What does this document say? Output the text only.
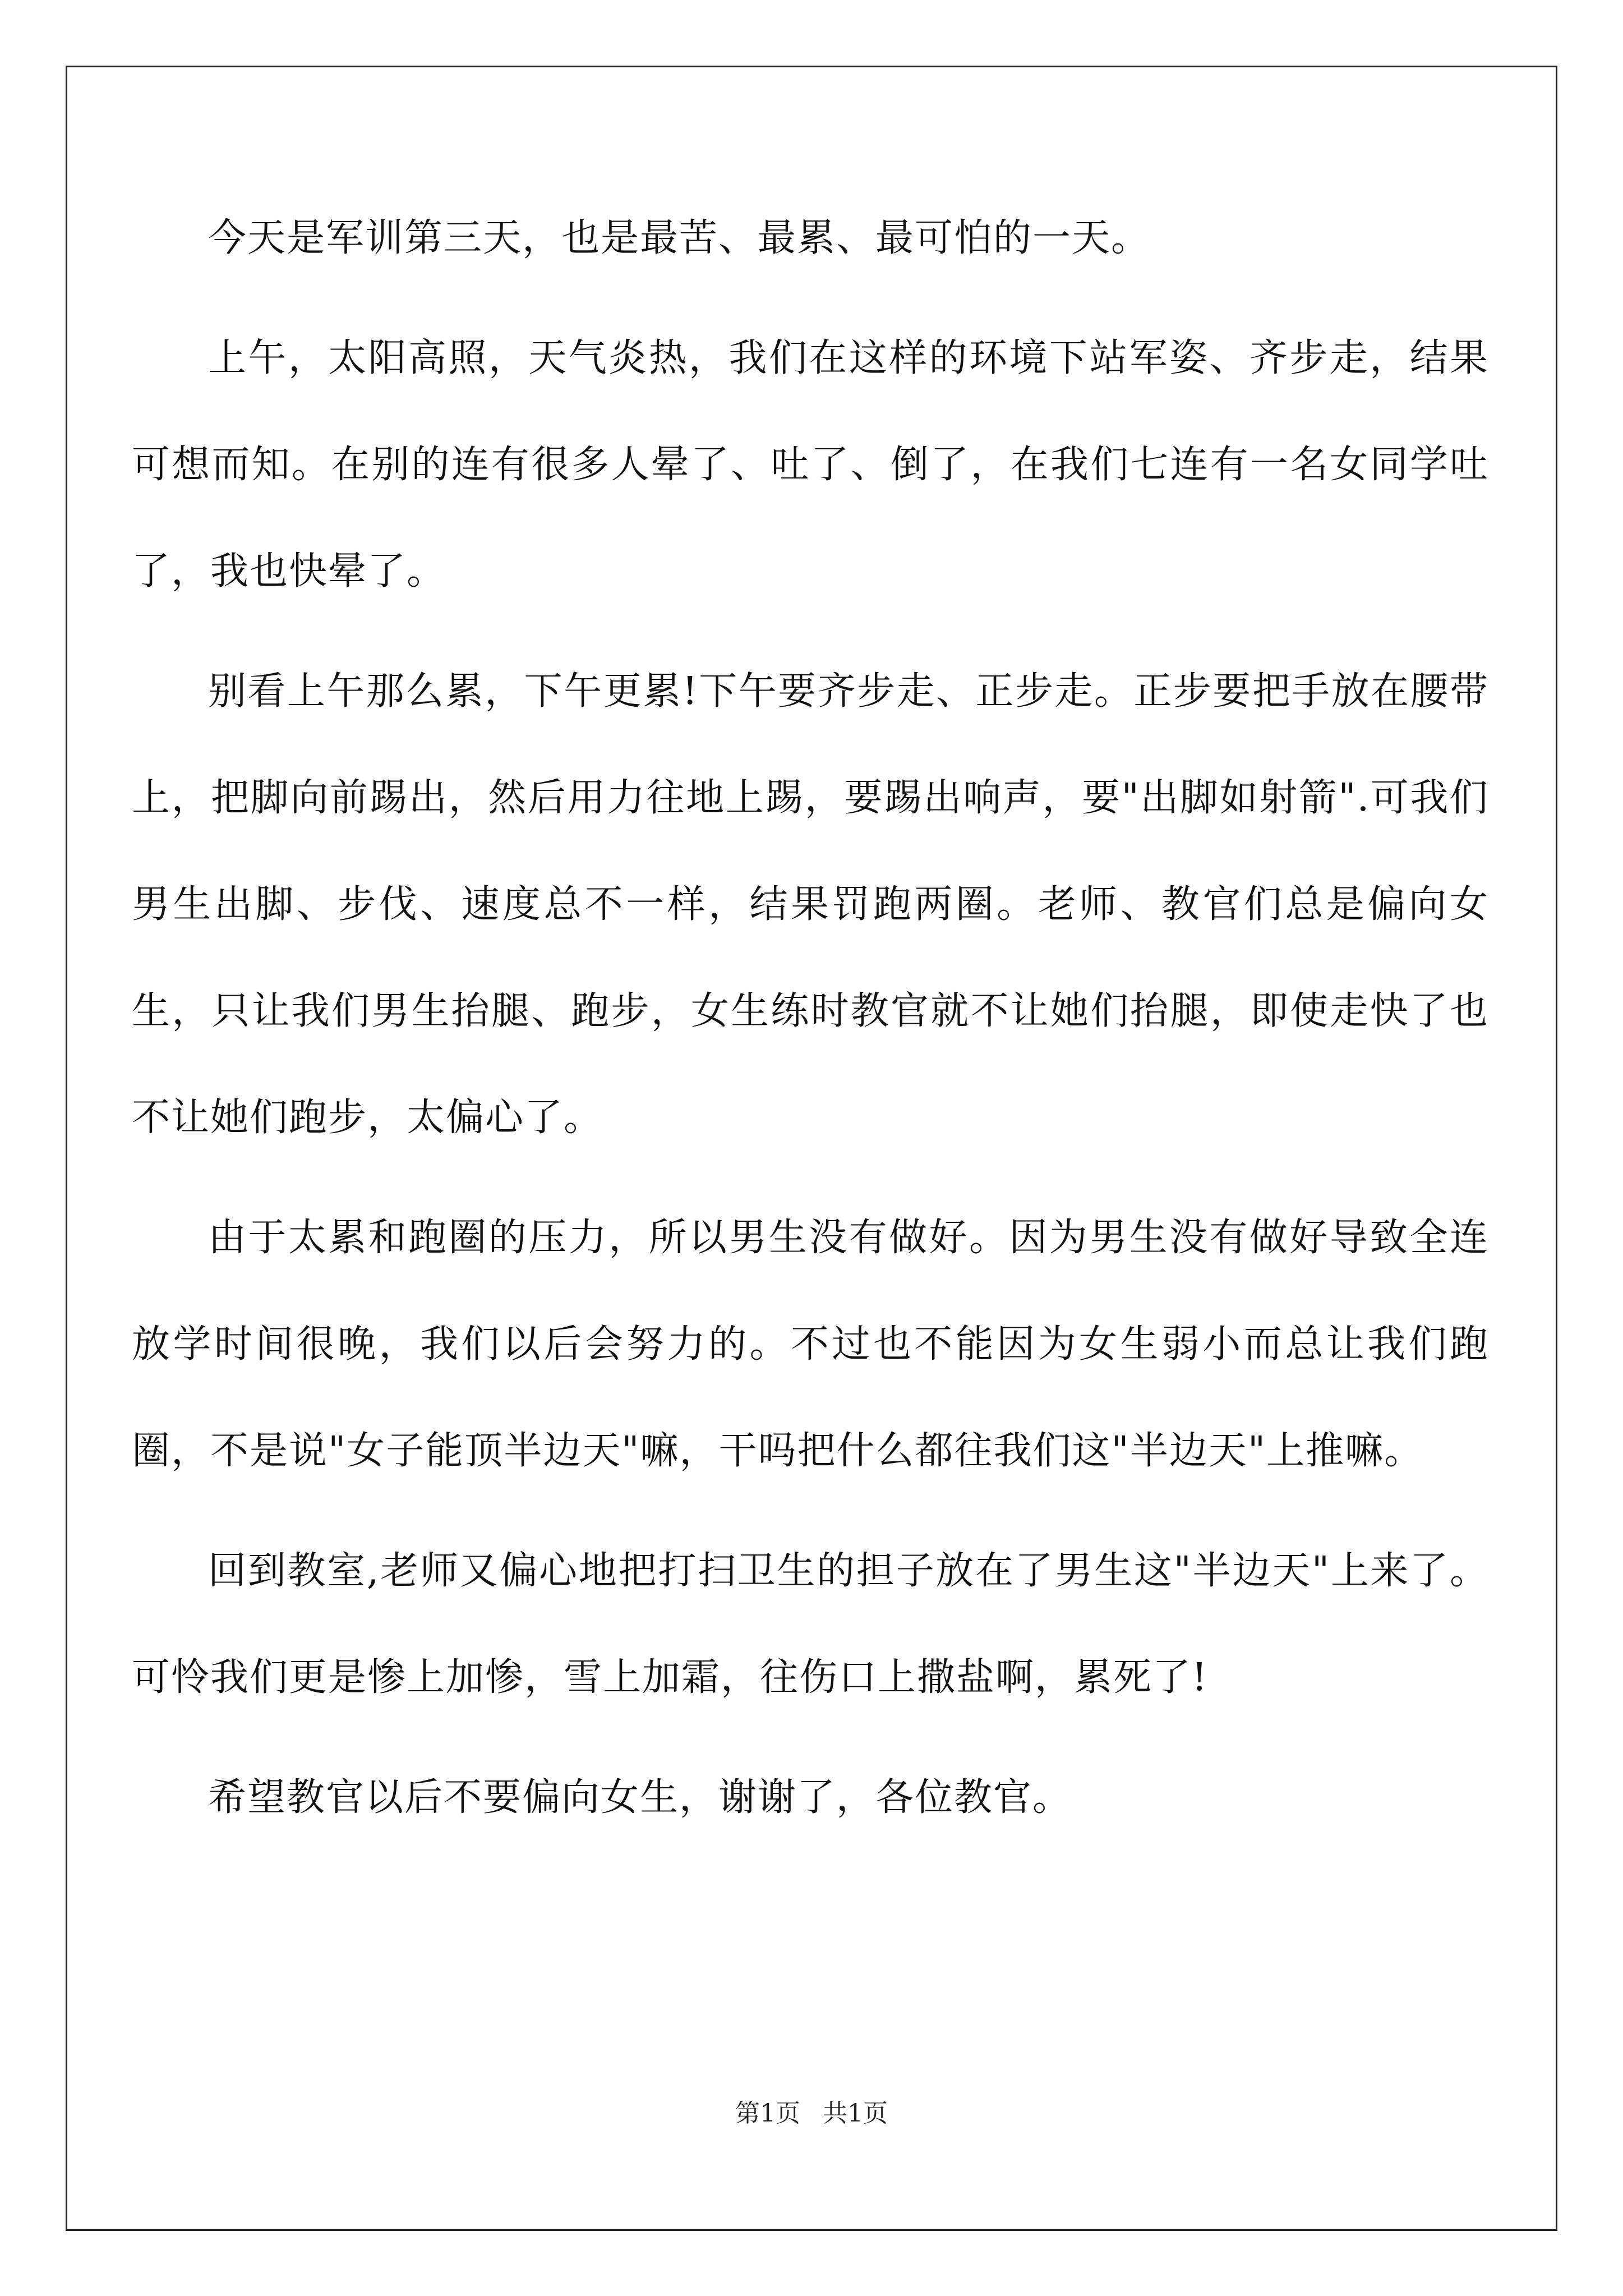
今天是军训第三天，也是最苦、最累、最可怕的一天。

上午，太阳高照，天气炎热，我们在这样的环境下站军姿、齐步走，结果可想而知。在别的连有很多人晕了、吐了、倒了，在我们七连有一名女同学吐了，我也快晕了。

别看上午那么累，下午更累!下午要齐步走、正步走。正步要把手放在腰带上，把脚向前踢出，然后用力往地上踢，要踢出响声，要"出脚如射箭".可我们男生出脚、步伐、速度总不一样，结果罚跑两圈。老师、教官们总是偏向女生，只让我们男生抬腿、跑步，女生练时教官就不让她们抬腿，即使走快了也不让她们跑步，太偏心了。

由于太累和跑圈的压力，所以男生没有做好。因为男生没有做好导致全连放学时间很晚，我们以后会努力的。不过也不能因为女生弱小而总让我们跑圈，不是说"女子能顶半边天"嘛，干吗把什么都往我们这"半边天"上推嘛。

回到教室,老师又偏心地把打扫卫生的担子放在了男生这"半边天"上来了。可怜我们更是惨上加惨，雪上加霜，往伤口上撒盐啊，累死了!

希望教官以后不要偏向女生，谢谢了，各位教官。

第1页 共1页
